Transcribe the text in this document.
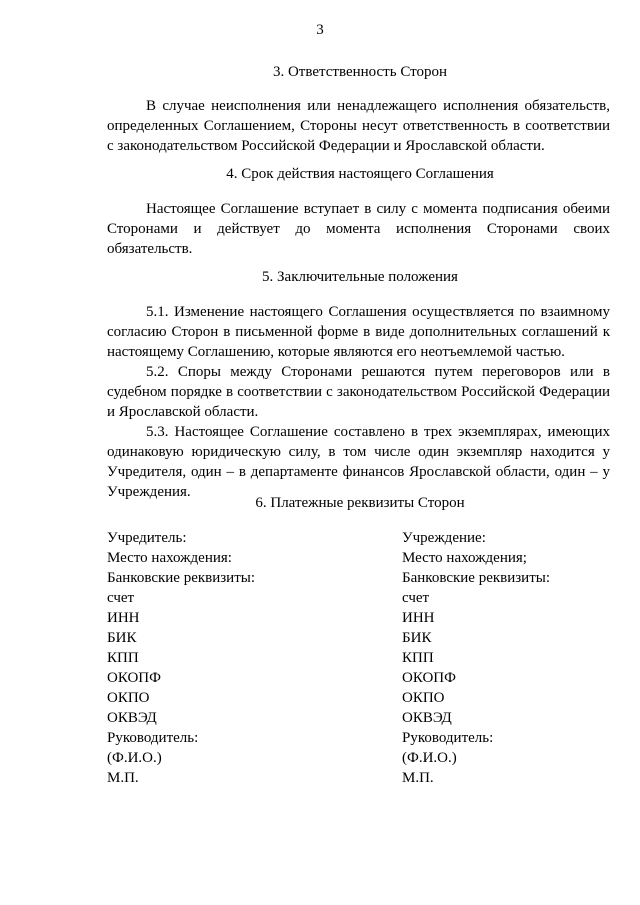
3
3. Ответственность Сторон

В случае неисполнения или ненадлежащего исполнения обязательств, определенных Соглашением, Стороны несут ответственность в соответствии с законодательством Российской Федерации и Ярославской области.

4. Срок действия настоящего Соглашения

Настоящее Соглашение вступает в силу с момента подписания обеими Сторонами и действует до момента исполнения Сторонами своих обязательств.

5. Заключительные положения

5.1. Изменение настоящего Соглашения осуществляется по взаимному согласию Сторон в письменной форме в виде дополнительных соглашений к настоящему Соглашению, которые являются его неотъемлемой частью.

5.2. Споры между Сторонами решаются путем переговоров или в судебном порядке в соответствии с законодательством Российской Федерации и Ярославской области.

5.3. Настоящее Соглашение составлено в трех экземплярах, имеющих одинаковую юридическую силу, в том числе один экземпляр находится у Учредителя, один – в департаменте финансов Ярославской области, один – у Учреждения.

6. Платежные реквизиты Сторон
Учредитель:
Место нахождения:
Банковские реквизиты:
счет
ИНН
БИК
КПП
ОКОПФ
ОКПО
ОКВЭД
Руководитель:
(Ф.И.О.)
М.П.
Учреждение:
Место нахождения;
Банковские реквизиты:
счет
ИНН
БИК
КПП
ОКОПФ
ОКПО
ОКВЭД
Руководитель:
(Ф.И.О.)
М.П.
